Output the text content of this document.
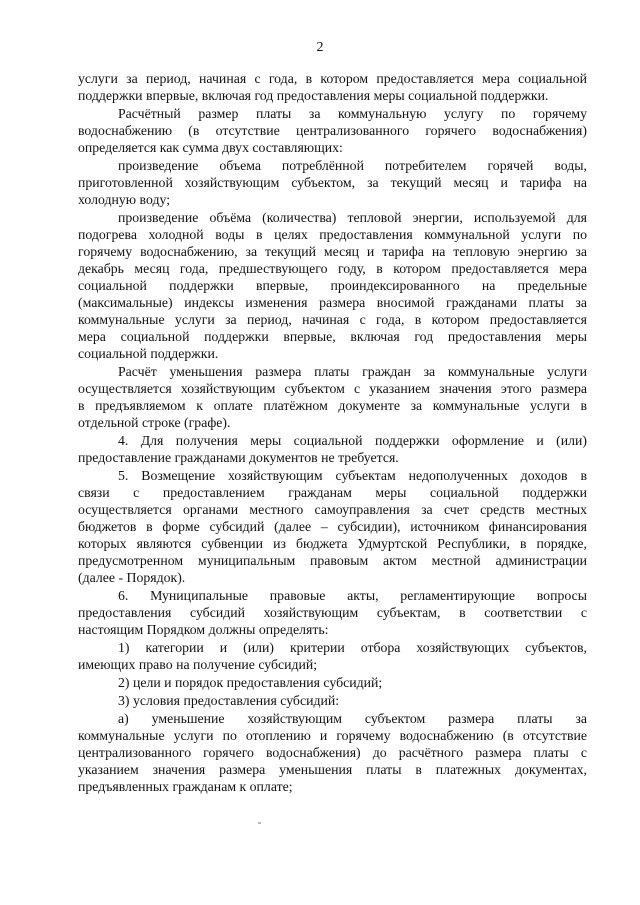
2
услуги за период, начиная с года, в котором предоставляется мера социальной
поддержки впервые, включая год предоставления меры социальной поддержки.
Расчётный размер платы за коммунальную услугу по горячему
водоснабжению (в отсутствие централизованного горячего водоснабжения)
определяется как сумма двух составляющих:
произведение объема потреблённой потребителем горячей воды,
приготовленной хозяйствующим субъектом, за текущий месяц и тарифа на
холодную воду;
произведение объёма (количества) тепловой энергии, используемой для
подогрева холодной воды в целях предоставления коммунальной услуги по
горячему водоснабжению, за текущий месяц и тарифа на тепловую энергию за
декабрь месяц года, предшествующего году, в котором предоставляется мера
социальной поддержки впервые, проиндексированного на предельные
(максимальные) индексы изменения размера вносимой гражданами платы за
коммунальные услуги за период, начиная с года, в котором предоставляется
мера социальной поддержки впервые, включая год предоставления меры
социальной поддержки.
Расчёт уменьшения размера платы граждан за коммунальные услуги
осуществляется хозяйствующим субъектом с указанием значения этого размера
в предъявляемом к оплате платёжном документе за коммунальные услуги в
отдельной строке (графе).
4. Для получения меры социальной поддержки оформление и (или)
предоставление гражданами документов не требуется.
5. Возмещение хозяйствующим субъектам недополученных доходов в
связи с предоставлением гражданам меры социальной поддержки
осуществляется органами местного самоуправления за счет средств местных
бюджетов в форме субсидий (далее – субсидии), источником финансирования
которых являются субвенции из бюджета Удмуртской Республики, в порядке,
предусмотренном муниципальным правовым актом местной администрации
(далее - Порядок).
6. Муниципальные правовые акты, регламентирующие вопросы
предоставления субсидий хозяйствующим субъектам, в соответствии с
настоящим Порядком должны определять:
1) категории и (или) критерии отбора хозяйствующих субъектов,
имеющих право на получение субсидий;
2) цели и порядок предоставления субсидий;
3) условия предоставления субсидий:
а) уменьшение хозяйствующим субъектом размера платы за
коммунальные услуги по отоплению и горячему водоснабжению (в отсутствие
централизованного горячего водоснабжения) до расчётного размера платы с
указанием значения размера уменьшения платы в платежных документах,
предъявленных гражданам к оплате;
